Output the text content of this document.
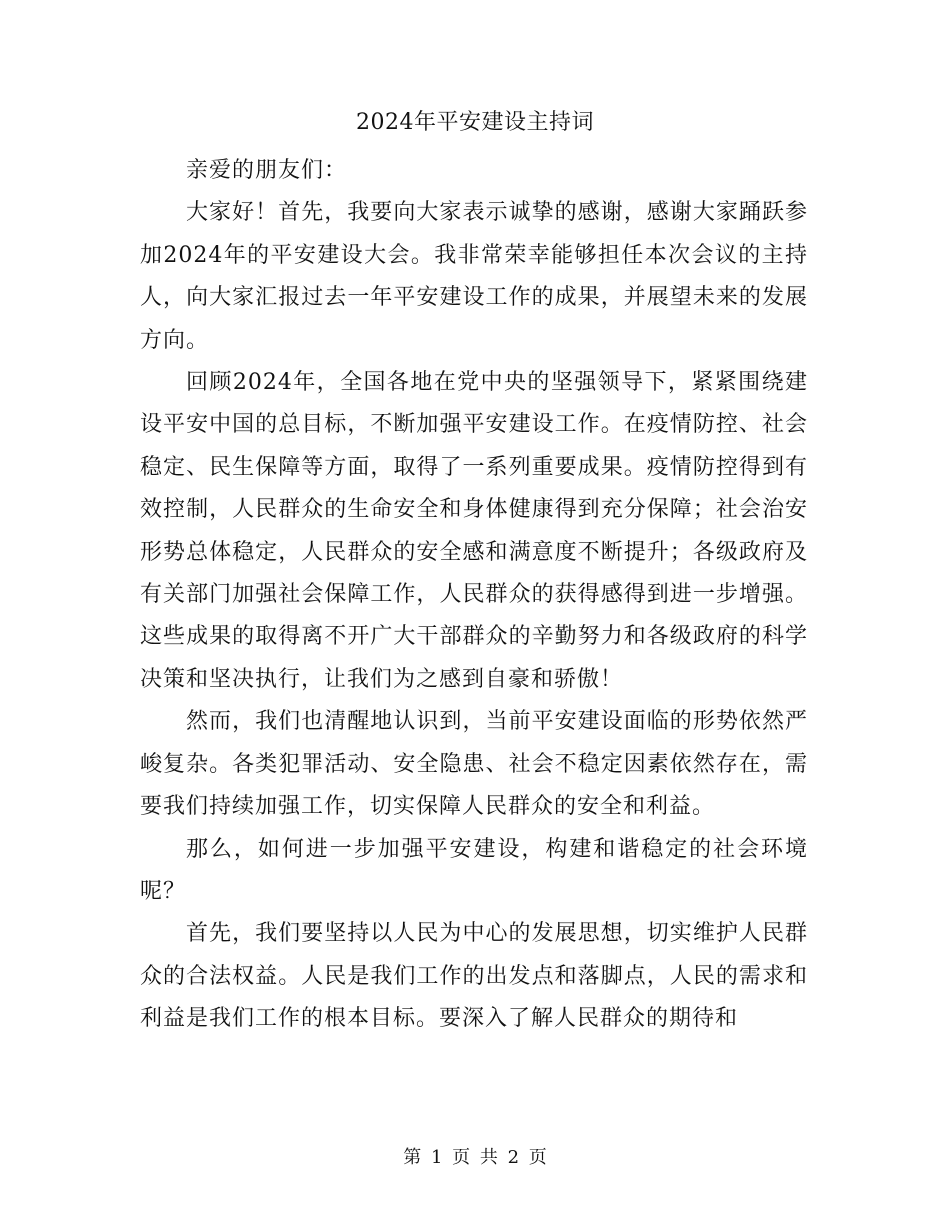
2024年平安建设主持词

亲爱的朋友们：

大家好！首先，我要向大家表示诚挚的感谢，感谢大家踊跃参加2024年的平安建设大会。我非常荣幸能够担任本次会议的主持人，向大家汇报过去一年平安建设工作的成果，并展望未来的发展方向。

回顾2024年，全国各地在党中央的坚强领导下，紧紧围绕建设平安中国的总目标，不断加强平安建设工作。在疫情防控、社会稳定、民生保障等方面，取得了一系列重要成果。疫情防控得到有效控制，人民群众的生命安全和身体健康得到充分保障；社会治安形势总体稳定，人民群众的安全感和满意度不断提升；各级政府及有关部门加强社会保障工作，人民群众的获得感得到进一步增强。这些成果的取得离不开广大干部群众的辛勤努力和各级政府的科学决策和坚决执行，让我们为之感到自豪和骄傲！

然而，我们也清醒地认识到，当前平安建设面临的形势依然严峻复杂。各类犯罪活动、安全隐患、社会不稳定因素依然存在，需要我们持续加强工作，切实保障人民群众的安全和利益。

那么，如何进一步加强平安建设，构建和谐稳定的社会环境呢？

首先，我们要坚持以人民为中心的发展思想，切实维护人民群众的合法权益。人民是我们工作的出发点和落脚点，人民的需求和利益是我们工作的根本目标。要深入了解人民群众的期待和

第 1 页 共 2 页
